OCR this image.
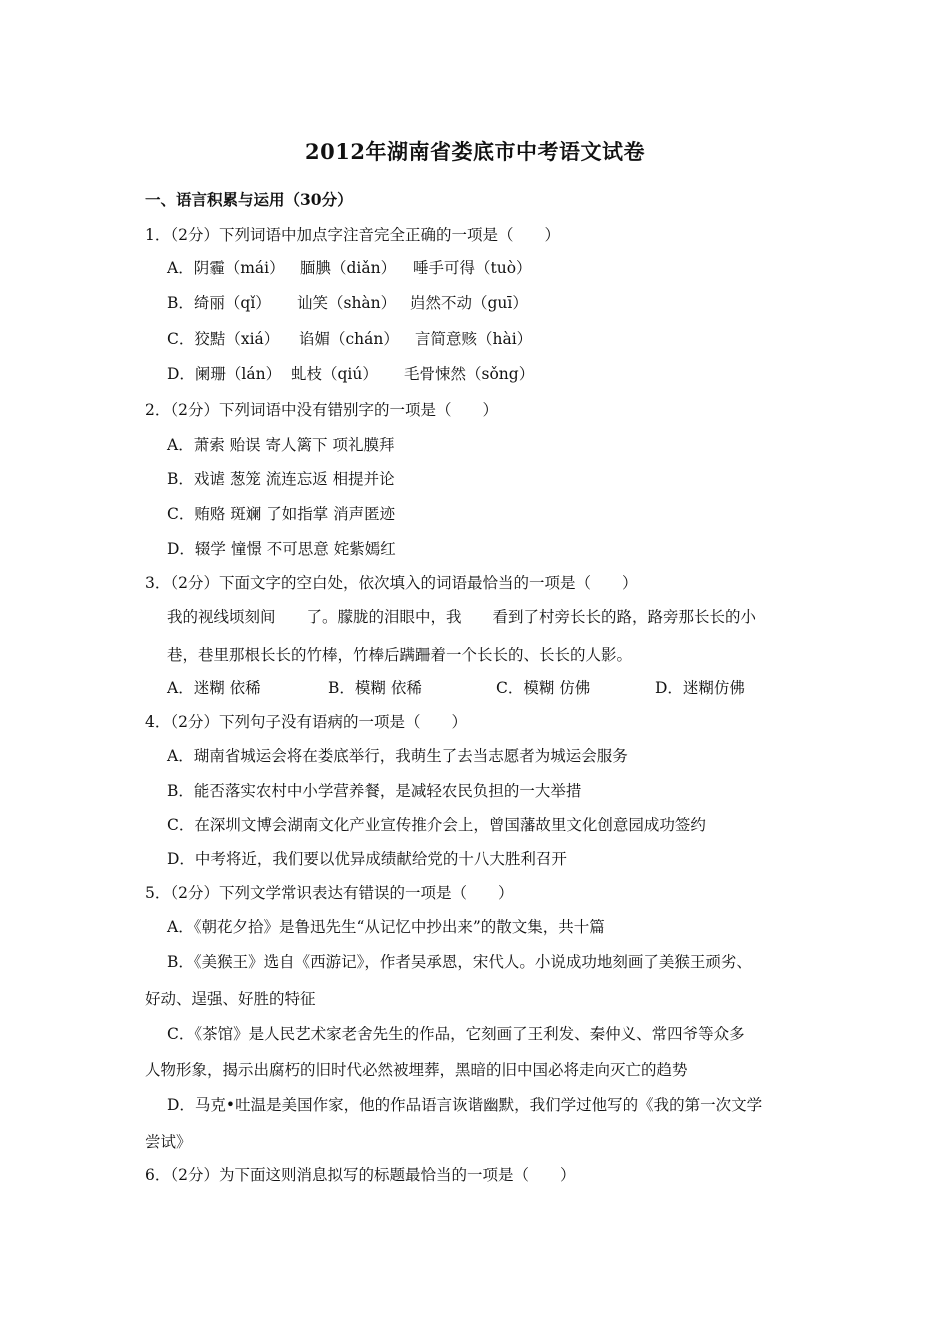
2012年湖南省娄底市中考语文试卷
一、语言积累与运用（30分）
1．（2分）下列词语中加点字注音完全正确的一项是（　　）
A．阴霾（mái） 腼腆（diǎn） 唾手可得（tuò）
B．绮丽（qǐ） 讪笑（shàn） 岿然不动（guī）
C．狡黠（xiá） 谄媚（chán） 言简意赅（hài）
D．阑珊（lán） 虬枝（qiú） 毛骨悚然（sǒng）
2．（2分）下列词语中没有错别字的一项是（　　）
A．萧索 贻误 寄人篱下 项礼膜拜
B．戏谑 葱笼 流连忘返 相提并论
C．贿赂 斑斓 了如指掌 消声匿迹
D．辍学 憧憬 不可思意 姹紫嫣红
3．（2分）下面文字的空白处，依次填入的词语最恰当的一项是（　　）
我的视线顷刻间　　了。朦胧的泪眼中，我　　看到了村旁长长的路，路旁那长长的小
巷，巷里那根长长的竹棒，竹棒后蹒跚着一个长长的、长长的人影。
A．迷糊 依稀	B．模糊 依稀	C．模糊 仿佛	D．迷糊仿佛
4．（2分）下列句子没有语病的一项是（　　）
A．瑚南省城运会将在娄底举行，我萌生了去当志愿者为城运会服务
B．能否落实农村中小学营养餐，是减轻农民负担的一大举措
C．在深圳文博会湖南文化产业宣传推介会上，曾国藩故里文化创意园成功签约
D．中考将近，我们要以优异成绩献给党的十八大胜利召开
5．（2分）下列文学常识表达有错误的一项是（　　）
A．《朝花夕拾》是鲁迅先生“从记忆中抄出来”的散文集，共十篇
B．《美猴王》选自《西游记》，作者吴承恩，宋代人。小说成功地刻画了美猴王顽劣、
好动、逞强、好胜的特征
C．《茶馆》是人民艺术家老舍先生的作品，它刻画了王利发、秦仲义、常四爷等众多
人物形象，揭示出腐朽的旧时代必然被埋葬，黑暗的旧中国必将走向灭亡的趋势
D．马克•吐温是美国作家，他的作品语言诙谐幽默，我们学过他写的《我的第一次文学
尝试》
6．（2分）为下面这则消息拟写的标题最恰当的一项是（　　）
